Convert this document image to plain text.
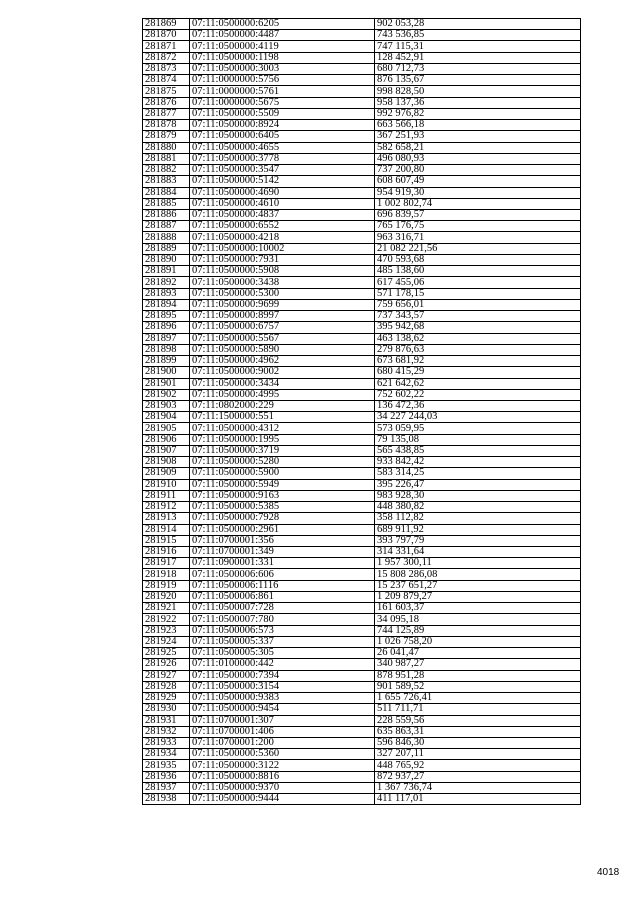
281869	07:11:0500000:6205	902 053,28
281870	07:11:0500000:4487	743 536,85
281871	07:11:0500000:4119	747 115,31
281872	07:11:0500000:1198	128 452,91
281873	07:11:0500000:3003	680 712,73
281874	07:11:0000000:5756	876 135,67
281875	07:11:0000000:5761	998 828,50
281876	07:11:0000000:5675	958 137,36
281877	07:11:0500000:5509	992 976,82
281878	07:11:0500000:8924	663 566,18
281879	07:11:0500000:6405	367 251,93
281880	07:11:0500000:4655	582 658,21
281881	07:11:0500000:3778	496 080,93
281882	07:11:0500000:3547	737 200,80
281883	07:11:0500000:5142	608 607,49
281884	07:11:0500000:4690	954 919,30
281885	07:11:0500000:4610	1 002 802,74
281886	07:11:0500000:4837	696 839,57
281887	07:11:0500000:6552	765 176,75
281888	07:11:0500000:4218	963 316,71
281889	07:11:0500000:10002	21 082 221,56
281890	07:11:0500000:7931	470 593,68
281891	07:11:0500000:5908	485 138,60
281892	07:11:0500000:3438	617 455,06
281893	07:11:0500000:5300	571 178,15
281894	07:11:0500000:9699	759 656,01
281895	07:11:0500000:8997	737 343,57
281896	07:11:0500000:6757	395 942,68
281897	07:11:0500000:5567	463 138,62
281898	07:11:0500000:5890	279 876,63
281899	07:11:0500000:4962	673 681,92
281900	07:11:0500000:9002	680 415,29
281901	07:11:0500000:3434	621 642,62
281902	07:11:0500000:4995	752 602,22
281903	07:11:0802000:229	136 472,36
281904	07:11:1500000:551	34 227 244,03
281905	07:11:0500000:4312	573 059,95
281906	07:11:0500000:1995	79 135,08
281907	07:11:0500000:3719	565 438,85
281908	07:11:0500000:5280	933 842,42
281909	07:11:0500000:5900	583 314,25
281910	07:11:0500000:5949	395 226,47
281911	07:11:0500000:9163	983 928,30
281912	07:11:0500000:5385	448 380,82
281913	07:11:0500000:7928	358 112,82
281914	07:11:0500000:2961	689 911,92
281915	07:11:0700001:356	393 797,79
281916	07:11:0700001:349	314 331,64
281917	07:11:0900001:331	1 957 300,11
281918	07:11:0500006:606	15 808 286,08
281919	07:11:0500006:1116	15 237 651,27
281920	07:11:0500006:861	1 209 879,27
281921	07:11:0500007:728	161 603,37
281922	07:11:0500007:780	34 095,18
281923	07:11:0500006:573	744 125,89
281924	07:11:0500005:337	1 026 758,20
281925	07:11:0500005:305	26 041,47
281926	07:11:0100000:442	340 987,27
281927	07:11:0500000:7394	878 951,28
281928	07:11:0500000:3154	901 589,52
281929	07:11:0500000:9383	1 655 726,41
281930	07:11:0500000:9454	511 711,71
281931	07:11:0700001:307	228 559,56
281932	07:11:0700001:406	635 863,31
281933	07:11:0700001:200	596 846,30
281934	07:11:0500000:5360	327 207,11
281935	07:11:0500000:3122	448 765,92
281936	07:11:0500000:8816	872 937,27
281937	07:11:0500000:9370	1 367 736,74
281938	07:11:0500000:9444	411 117,01
4018
